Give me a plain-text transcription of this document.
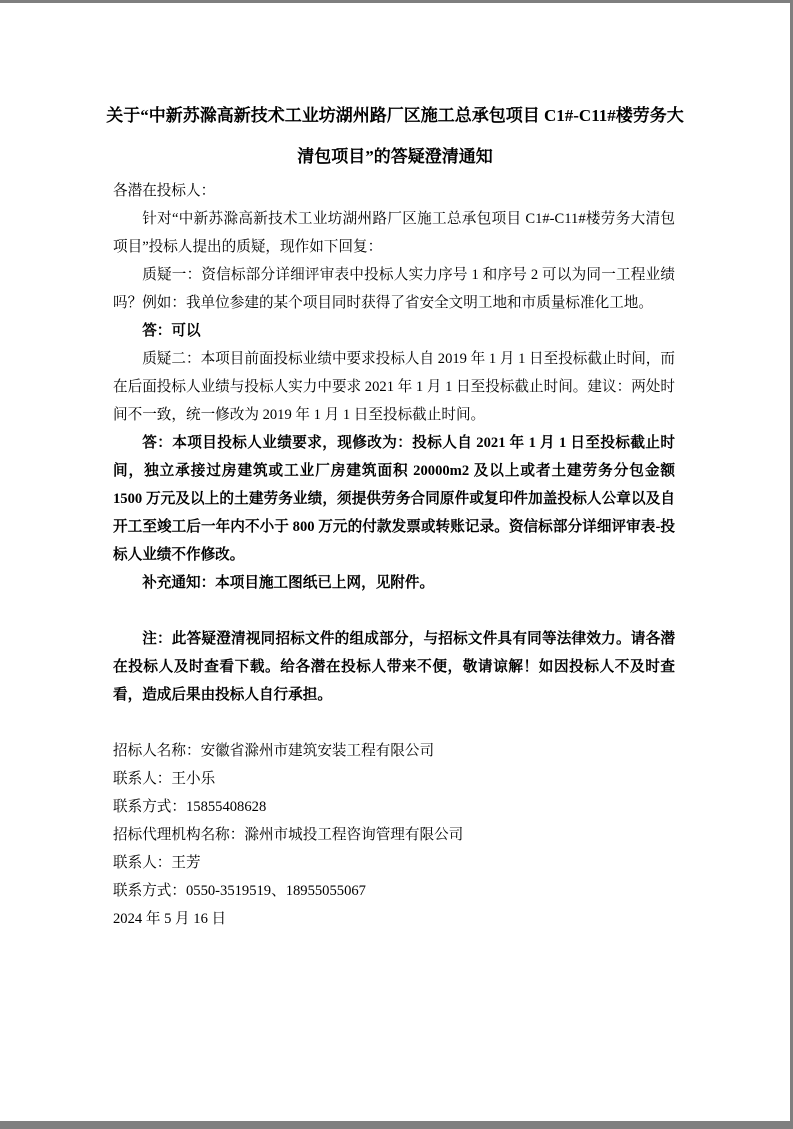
关于“中新苏滁高新技术工业坊湖州路厂区施工总承包项目 C1#-C11#楼劳务大
清包项目”的答疑澄清通知

各潜在投标人：

针对“中新苏滁高新技术工业坊湖州路厂区施工总承包项目 C1#-C11#楼劳务大清包项目”投标人提出的质疑，现作如下回复：

质疑一：资信标部分详细评审表中投标人实力序号 1 和序号 2 可以为同一工程业绩吗？例如：我单位参建的某个项目同时获得了省安全文明工地和市质量标准化工地。

答：可以

质疑二：本项目前面投标业绩中要求投标人自 2019 年 1 月 1 日至投标截止时间，而在后面投标人业绩与投标人实力中要求 2021 年 1 月 1 日至投标截止时间。建议：两处时间不一致，统一修改为 2019 年 1 月 1 日至投标截止时间。

答：本项目投标人业绩要求，现修改为：投标人自 2021 年 1 月 1 日至投标截止时间，独立承接过房建筑或工业厂房建筑面积 20000m2 及以上或者土建劳务分包金额 1500 万元及以上的土建劳务业绩，须提供劳务合同原件或复印件加盖投标人公章以及自开工至竣工后一年内不小于 800 万元的付款发票或转账记录。资信标部分详细评审表-投标人业绩不作修改。

补充通知：本项目施工图纸已上网，见附件。

注：此答疑澄清视同招标文件的组成部分，与招标文件具有同等法律效力。请各潜在投标人及时查看下载。给各潜在投标人带来不便，敬请谅解！如因投标人不及时查看，造成后果由投标人自行承担。

招标人名称：安徽省滁州市建筑安装工程有限公司
联系人：王小乐
联系方式：15855408628
招标代理机构名称：滁州市城投工程咨询管理有限公司
联系人：王芳
联系方式：0550-3519519、18955055067
2024 年 5 月 16 日
